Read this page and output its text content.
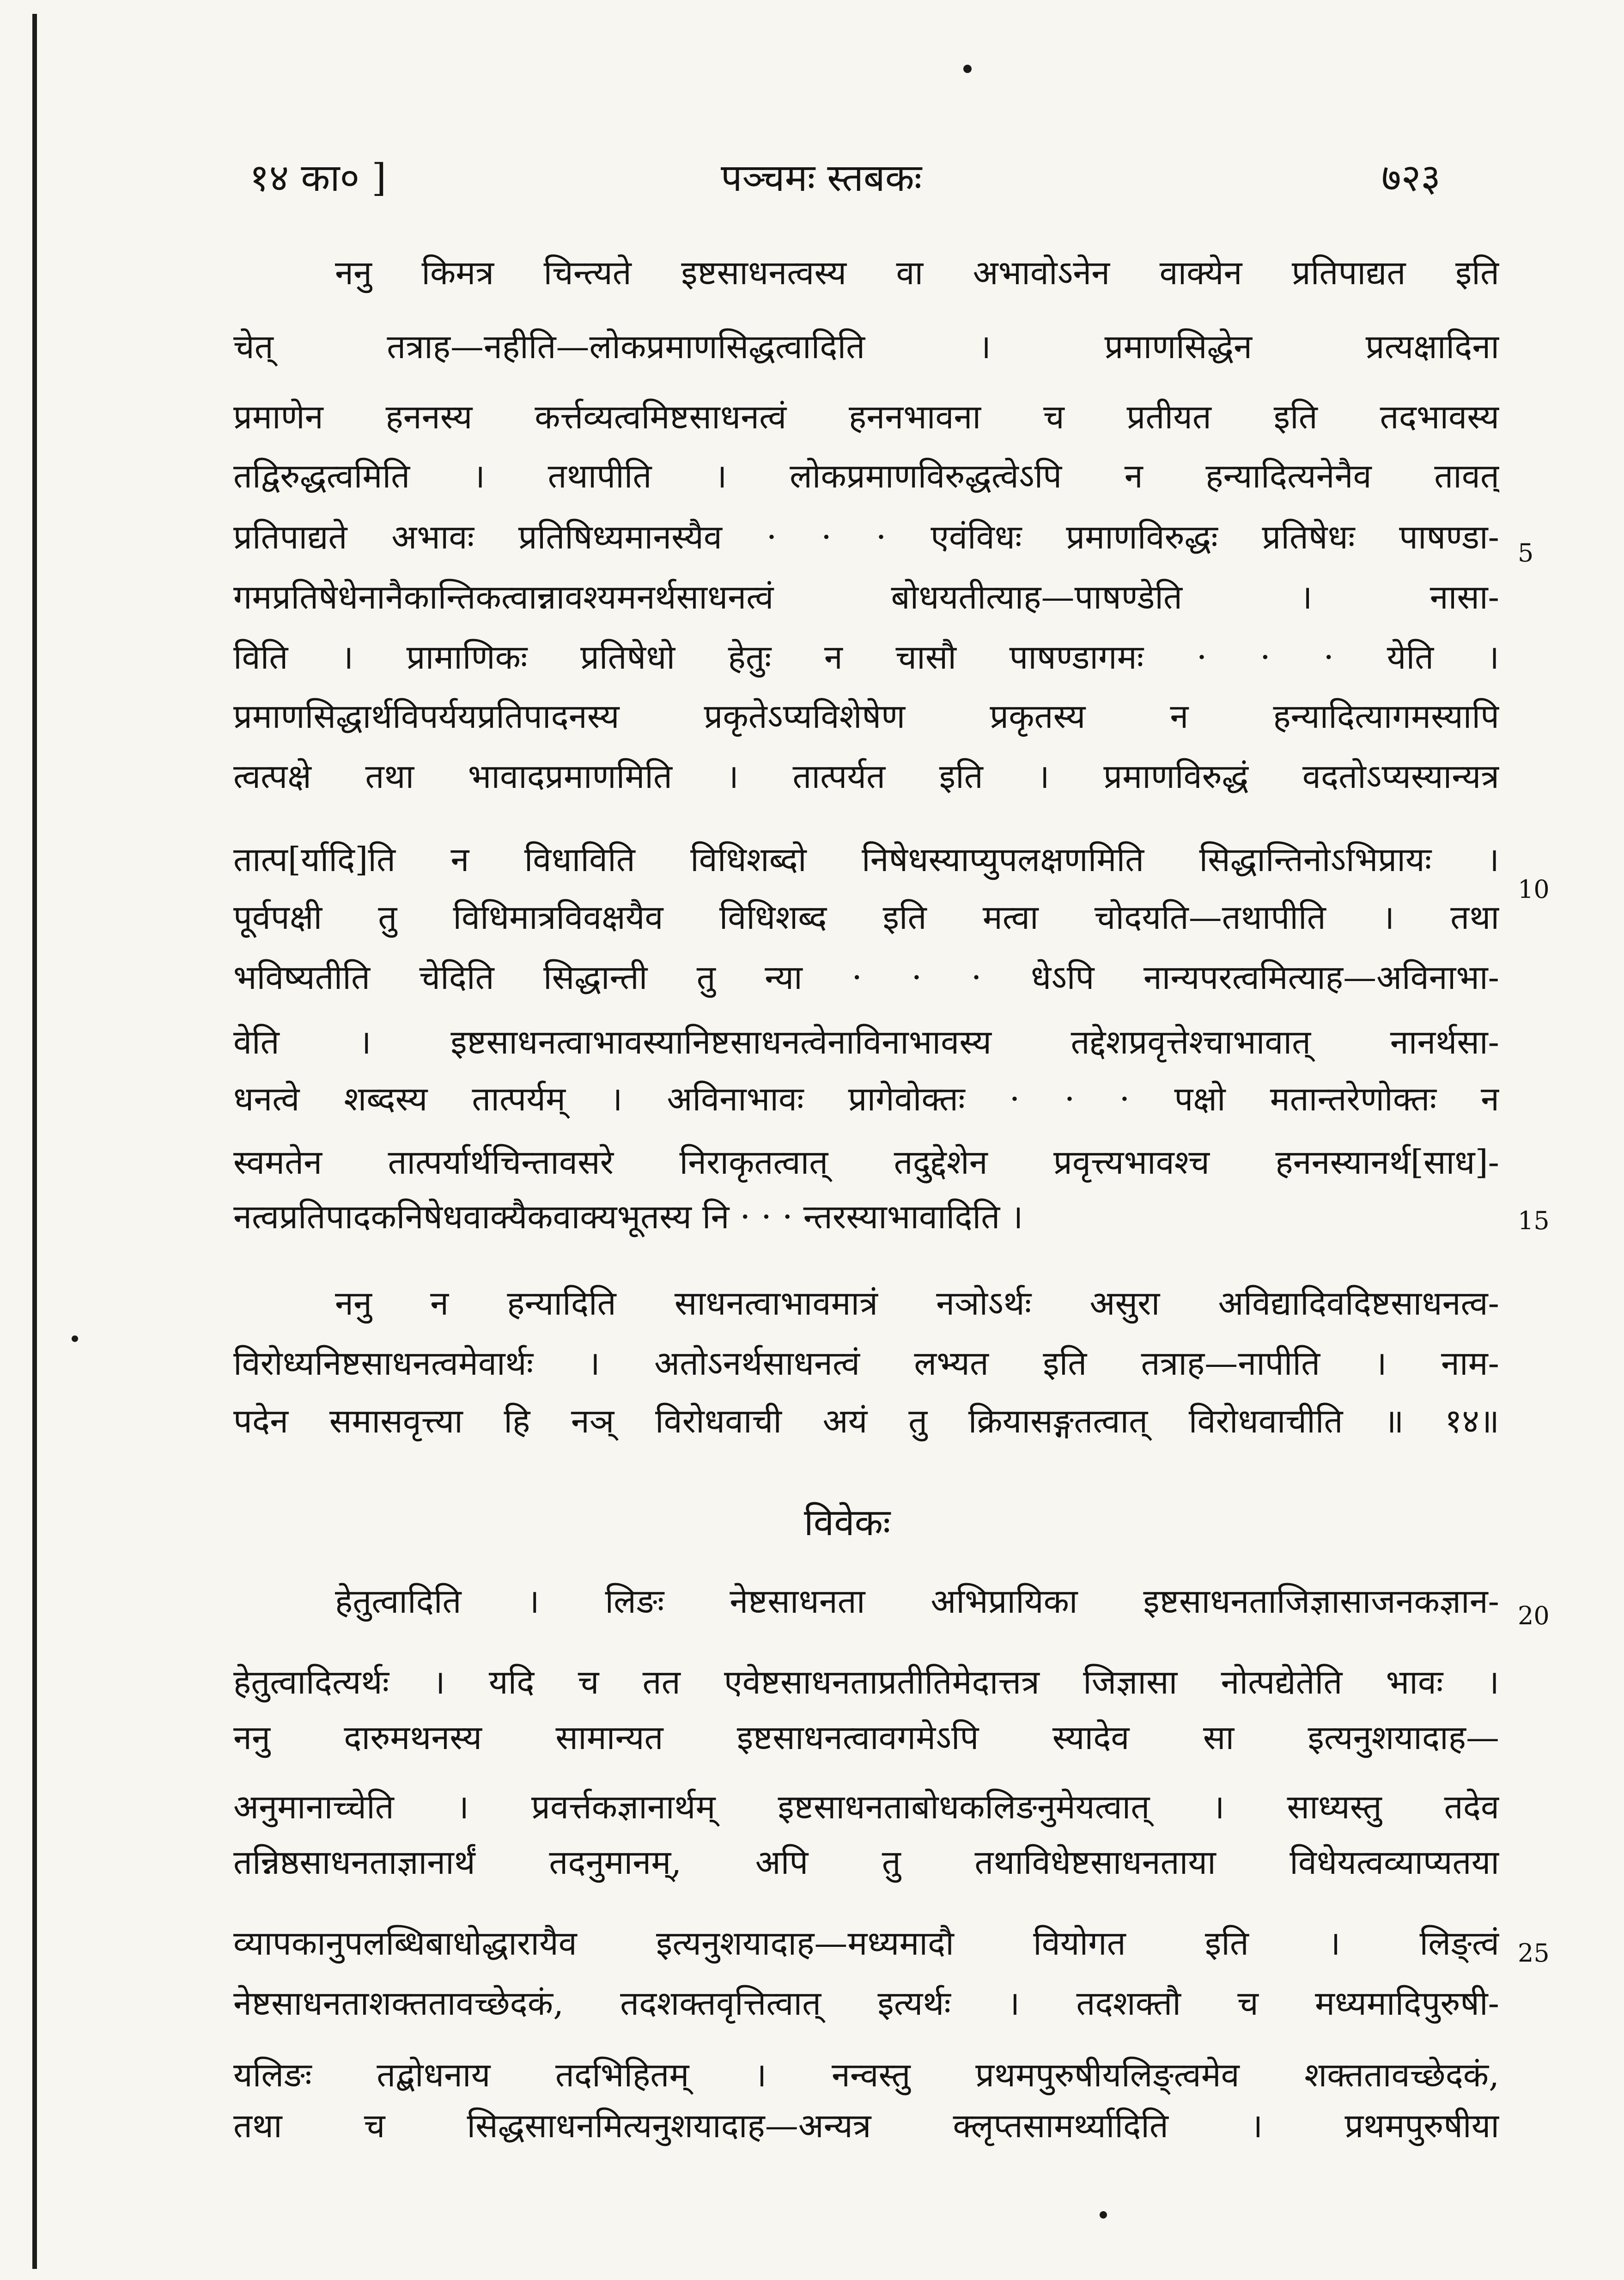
१४ का० ]	पञ्चमः स्तबकः	७२३
ननु किमत्र चिन्त्यते इष्टसाधनत्वस्य वा अभावोऽनेन वाक्येन प्रतिपाद्यत इति
चेत् तत्राह—नहीति—लोकप्रमाणसिद्धत्वादिति । प्रमाणसिद्धेन प्रत्यक्षादिना
प्रमाणेन हननस्य कर्त्तव्यत्वमिष्टसाधनत्वं हननभावना च प्रतीयत इति तदभावस्य
तद्विरुद्धत्वमिति । तथापीति । लोकप्रमाणविरुद्धत्वेऽपि न हन्यादित्यनेनैव तावत्
प्रतिपाद्यते अभावः प्रतिषिध्यमानस्यैव · · · एवंविधः प्रमाणविरुद्धः प्रतिषेधः पाषण्डा-
गमप्रतिषेधेनानैकान्तिकत्वान्नावश्यमनर्थसाधनत्वं बोधयतीत्याह—पाषण्डेति । नासा-
विति । प्रामाणिकः प्रतिषेधो हेतुः न चासौ पाषण्डागमः · · · येति ।
प्रमाणसिद्धार्थविपर्ययप्रतिपादनस्य प्रकृतेऽप्यविशेषेण प्रकृतस्य न हन्यादित्यागमस्यापि
त्वत्पक्षे तथा भावादप्रमाणमिति । तात्पर्यत इति । प्रमाणविरुद्धं वदतोऽप्यस्यान्यत्र
तात्प[र्यादि]ति न विधाविति विधिशब्दो निषेधस्याप्युपलक्षणमिति सिद्धान्तिनोऽभिप्रायः ।
पूर्वपक्षी तु विधिमात्रविवक्षयैव विधिशब्द इति मत्वा चोदयति—तथापीति । तथा
भविष्यतीति चेदिति सिद्धान्ती तु न्या · · · धेऽपि नान्यपरत्वमित्याह—अविनाभा-
वेति । इष्टसाधनत्वाभावस्यानिष्टसाधनत्वेनाविनाभावस्य तद्देशप्रवृत्तेश्चाभावात् नानर्थसा-
धनत्वे शब्दस्य तात्पर्यम् । अविनाभावः प्रागेवोक्तः · · · पक्षो मतान्तरेणोक्तः न
स्वमतेन तात्पर्यार्थचिन्तावसरे निराकृतत्वात् तदुद्देशेन प्रवृत्त्यभावश्च हननस्यानर्थ[साध]-
नत्वप्रतिपादकनिषेधवाक्यैकवाक्यभूतस्य नि · · · न्तरस्याभावादिति ।
ननु न हन्यादिति साधनत्वाभावमात्रं नञोऽर्थः असुरा अविद्यादिवदिष्टसाधनत्व-
विरोध्यनिष्टसाधनत्वमेवार्थः । अतोऽनर्थसाधनत्वं लभ्यत इति तत्राह—नापीति । नाम-
पदेन समासवृत्त्या हि नञ् विरोधवाची अयं तु क्रियासङ्गतत्वात् विरोधवाचीति ॥ १४॥
विवेकः
हेतुत्वादिति । लिङः नेष्टसाधनता अभिप्रायिका इष्टसाधनताजिज्ञासाजनकज्ञान-
हेतुत्वादित्यर्थः । यदि च तत एवेष्टसाधनताप्रतीतिमेदात्तत्र जिज्ञासा नोत्पद्येतेति भावः ।
ननु दारुमथनस्य सामान्यत इष्टसाधनत्वावगमेऽपि स्यादेव सा इत्यनुशयादाह—
अनुमानाच्चेति । प्रवर्त्तकज्ञानार्थम् इष्टसाधनताबोधकलिङनुमेयत्वात् । साध्यस्तु तदेव
तन्निष्ठसाधनताज्ञानार्थं तदनुमानम्, अपि तु तथाविधेष्टसाधनताया विधेयत्वव्याप्यतया
व्यापकानुपलब्धिबाधोद्धारायैव इत्यनुशयादाह—मध्यमादौ वियोगत इति । लिङ्त्वं
नेष्टसाधनताशक्ततावच्छेदकं, तदशक्तवृत्तित्वात् इत्यर्थः । तदशक्तौ च मध्यमादिपुरुषी-
यलिङः तद्बोधनाय तदभिहितम् । नन्वस्तु प्रथमपुरुषीयलिङ्त्वमेव शक्ततावच्छेदकं,
तथा च सिद्धसाधनमित्यनुशयादाह—अन्यत्र क्लृप्तसामर्थ्यादिति । प्रथमपुरुषीया
5
10
15
20
25
